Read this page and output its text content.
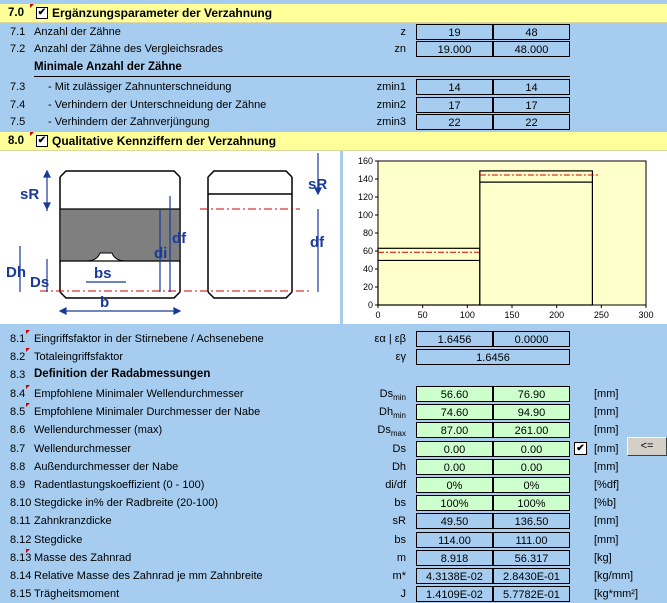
7.0 ✔ Ergänzungsparameter der Verzahnung
7.1 Anzahl der Zähne	z	19	48
7.2 Anzahl der Zähne des Vergleichsrades	zn	19.000	48.000
Minimale Anzahl der Zähne
7.3 - Mit zulässiger Zahnunterschneidung	zmin1	14	14
7.4 - Verhindern der Unterschneidung der Zähne	zmin2	17	17
7.5 - Verhindern der Zahnverjüngung	zmin3	22	22
8.0 ✔ Qualitative Kennziffern der Verzahnung
sR
Dh
Ds
bs
b
di
df
sR
df
0
20
40
60
80
100
120
140
160
0	50	100	150	200	250	300
8.1 Eingriffsfaktor in der Stirnebene / Achsenebene	εα | εβ	1.6456	0.0000
8.2 Totaleingriffsfaktor	εγ	1.6456
8.3 Definition der Radabmessungen
8.4 Empfohlene Minimaler Wellendurchmesser	$Ds_{min}$	56.60	76.90	[mm]
8.5 Empfohlene Minimaler Durchmesser der Nabe	$Dh_{min}$	74.60	94.90	[mm]
8.6 Wellendurchmesser (max)	$Ds_{max}$	87.00	261.00	[mm]
8.7 Wellendurchmesser	Ds	0.00	0.00	[mm]
8.8 Außendurchmesser der Nabe	Dh	0.00	0.00	[mm]
8.9 Radentlastungskoeffizient (0 - 100)	di/df	0%	0%	[%df]
8.10 Stegdicke in% der Radbreite (20-100)	bs	100%	100%	[%b]
8.11 Zahnkranzdicke	sR	49.50	136.50	[mm]
8.12 Stegdicke	bs	114.00	111.00	[mm]
8.13 Masse des Zahnrad	m	8.918	56.317	[kg]
8.14 Relative Masse des Zahnrad je mm Zahnbreite	m*	4.3138E-02	2.8430E-01	[kg/mm]
8.15 Trägheitsmoment	J	1.4109E-02	5.7782E-01	[kg*mm²]
✔	<=
